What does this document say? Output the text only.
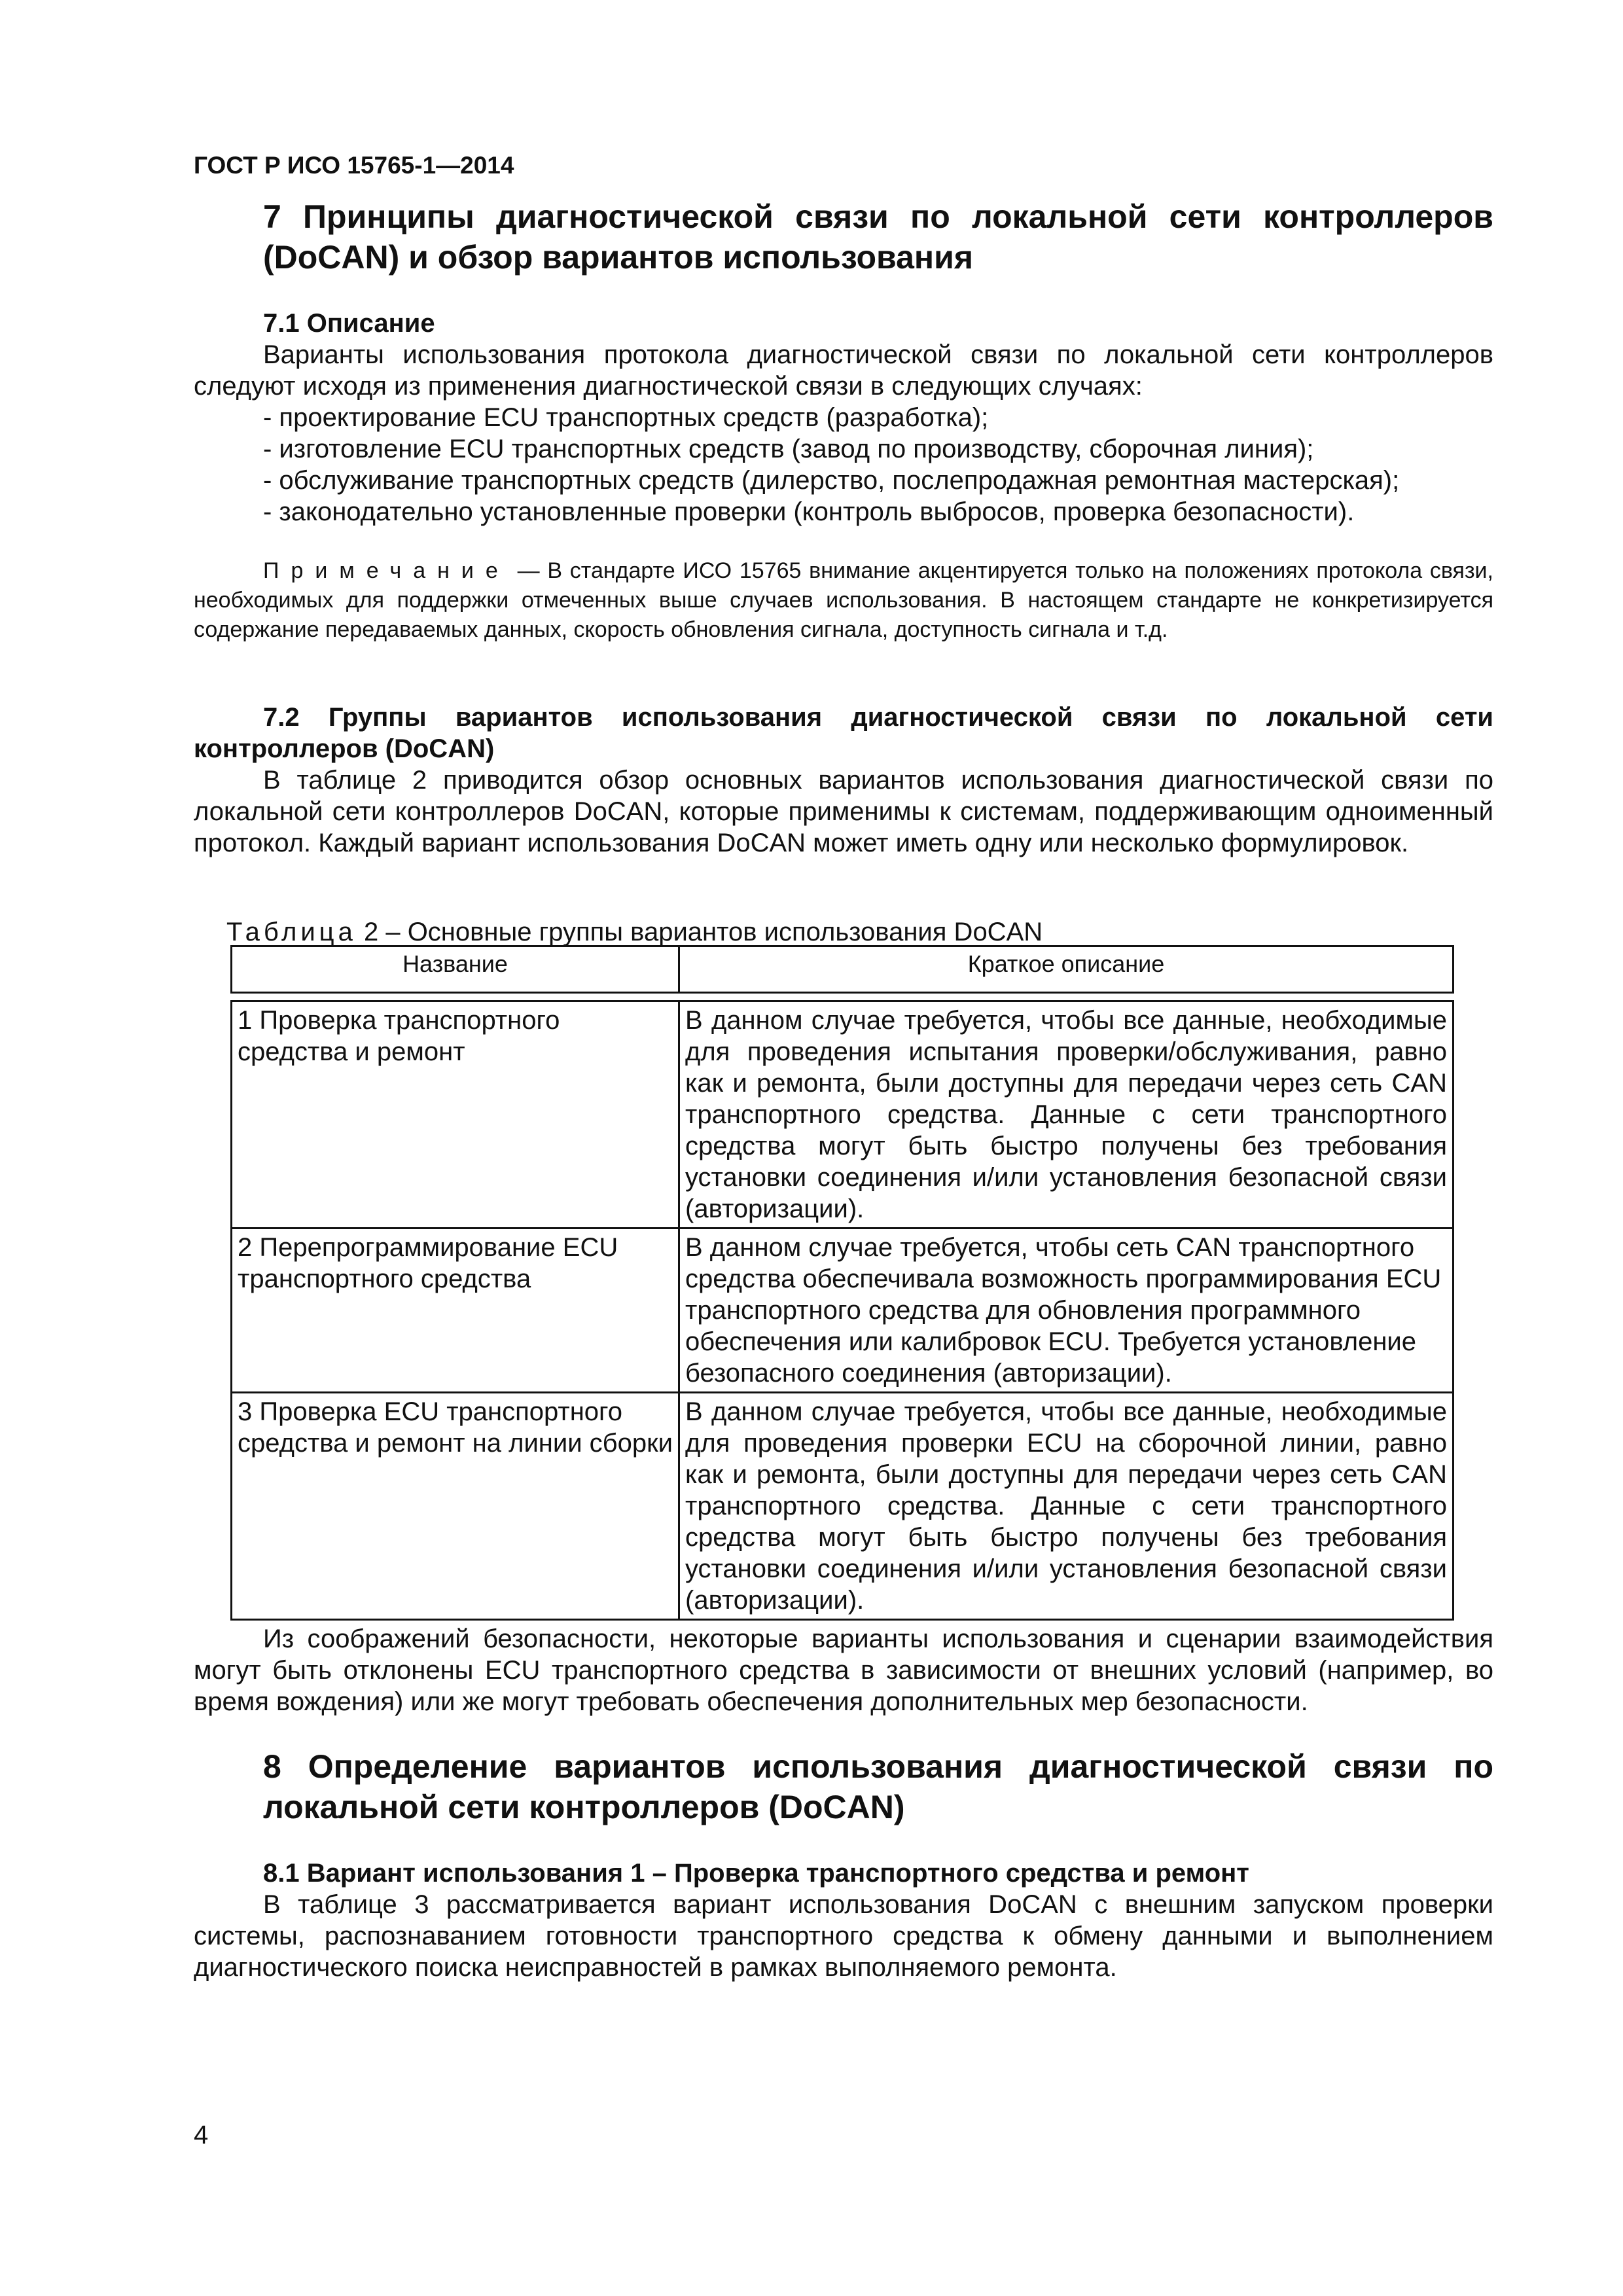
ГОСТ Р ИСО 15765-1—2014
7 Принципы диагностической связи по локальной сети контроллеров (DoCAN) и обзор вариантов использования
7.1 Описание
Варианты использования протокола диагностической связи по локальной сети контроллеров следуют исходя из применения диагностической связи в следующих случаях:
- проектирование ECU транспортных средств (разработка);
- изготовление ECU транспортных средств (завод по производству, сборочная линия);
- обслуживание транспортных средств (дилерство, послепродажная ремонтная мастерская);
- законодательно установленные проверки (контроль выбросов, проверка безопасности).
Примечание — В стандарте ИСО 15765 внимание акцентируется только на положениях протокола связи, необходимых для поддержки отмеченных выше случаев использования. В настоящем стандарте не конкретизируется содержание передаваемых данных, скорость обновления сигнала, доступность сигнала и т.д.
7.2 Группы вариантов использования диагностической связи по локальной сети контроллеров (DoCAN)
В таблице 2 приводится обзор основных вариантов использования диагностической связи по локальной сети контроллеров DoCAN, которые применимы к системам, поддерживающим одноименный протокол. Каждый вариант использования DoCAN может иметь одну или несколько формулировок.
Таблица 2 – Основные группы вариантов использования DoCAN
Название	Краткое описание

1 Проверка транспортного средства и ремонт	В данном случае требуется, чтобы все данные, необходимые для проведения испытания проверки/обслуживания, равно как и ремонта, были доступны для передачи через сеть CAN транспортного средства. Данные с сети транспортного средства могут быть быстро получены без требования установки соединения и/или установления безопасной связи (авторизации).
2 Перепрограммирование ECU транспортного средства	В данном случае требуется, чтобы сеть CAN транспортного средства обеспечивала возможность программирования ECU транспортного средства для обновления программного обеспечения или калибровок ECU. Требуется установление безопасного соединения (авторизации).
3 Проверка ECU транспортного средства и ремонт на линии сборки	В данном случае требуется, чтобы все данные, необходимые для проведения проверки ECU на сборочной линии, равно как и ремонта, были доступны для передачи через сеть CAN транспортного средства. Данные с сети транспортного средства могут быть быстро получены без требования установки соединения и/или установления безопасной связи (авторизации).
Из соображений безопасности, некоторые варианты использования и сценарии взаимодействия могут быть отклонены ECU транспортного средства в зависимости от внешних условий (например, во время вождения) или же могут требовать обеспечения дополнительных мер безопасности.
8 Определение вариантов использования диагностической связи по локальной сети контроллеров (DoCAN)
8.1 Вариант использования 1 – Проверка транспортного средства и ремонт
В таблице 3 рассматривается вариант использования DoCAN с внешним запуском проверки системы, распознаванием готовности транспортного средства к обмену данными и выполнением диагностического поиска неисправностей в рамках выполняемого ремонта.
4
